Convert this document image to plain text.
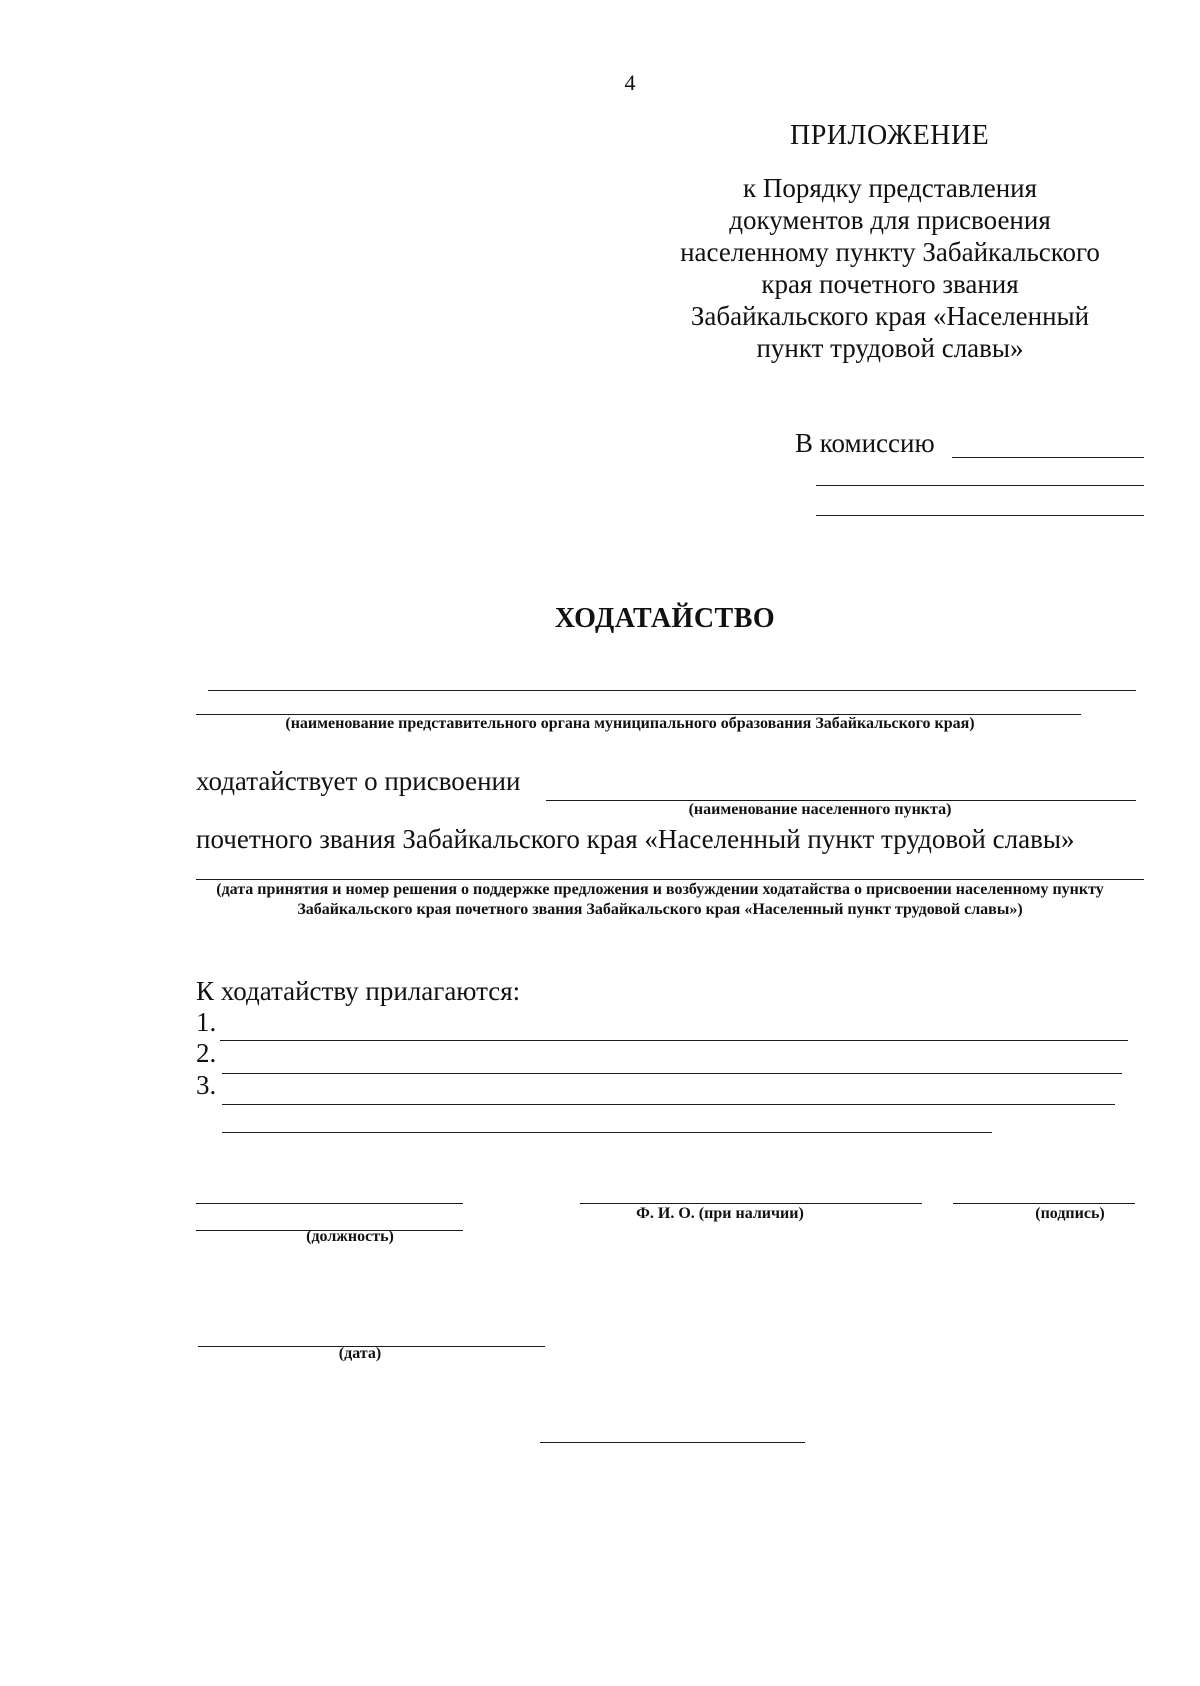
4
ПРИЛОЖЕНИЕ
к Порядку представления
документов для присвоения
населенному пункту Забайкальского
края почетного звания
Забайкальского края «Населенный
пункт трудовой славы»
В комиссию
ХОДАТАЙСТВО
(наименование представительного органа муниципального образования Забайкальского края)
ходатайствует о присвоении
(наименование населенного пункта)
почетного звания Забайкальского края «Населенный пункт трудовой славы»
(дата принятия и номер решения о поддержке предложения и возбуждении ходатайства о присвоении населенному пункту Забайкальского края почетного звания Забайкальского края «Населенный пункт трудовой славы»)
К ходатайству прилагаются:
1.
2.
3.
(должность)
Ф. И. О. (при наличии)	(подпись)
(дата)
